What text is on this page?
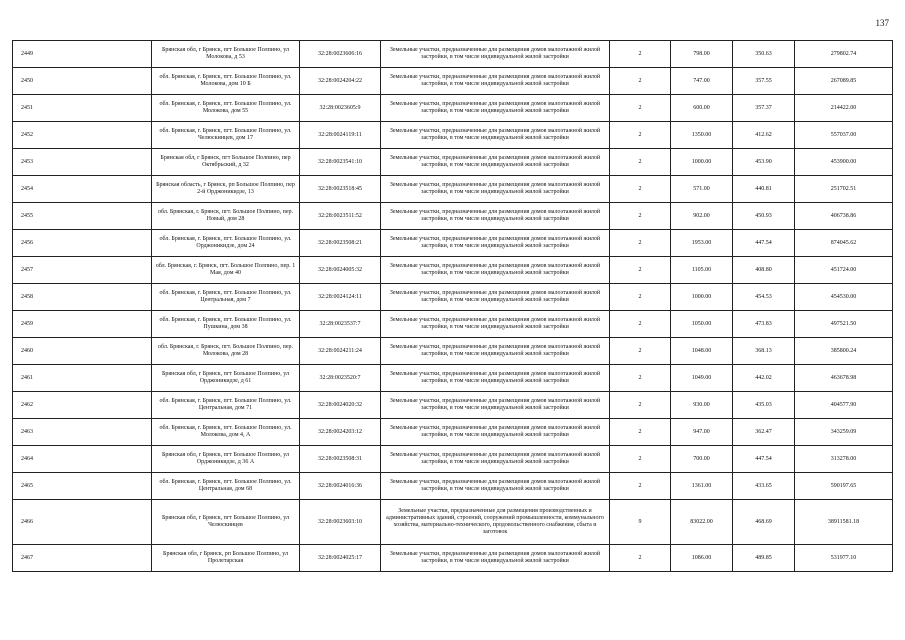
137
2449	Брянская обл, г Брянск, пгт Большое Полпино, ул Молокова, д 53	32:28:0023606:16	Земельные участки, предназначенные для размещения домов малоэтажной жилой застройки, в том числе индивидуальной жилой застройки	2	798.00	350.63	279802.74
2450	обл. Брянская, г. Брянск, пгт. Большое Полпино, ул. Молокова, дом 10 Б	32:28:0024204:22	Земельные участки, предназначенные для размещения домов малоэтажной жилой застройки, в том числе индивидуальной жилой застройки	2	747.00	357.55	267089.85
2451	обл. Брянская, г. Брянск, пгт. Большое Полпино, ул. Молокова, дом 55	32:28:0023605:9	Земельные участки, предназначенные для размещения домов малоэтажной жилой застройки, в том числе индивидуальной жилой застройки	2	600.00	357.37	214422.00
2452	обл. Брянская, г. Брянск, пгт. Большое Полпино, ул. Челюскинцев, дом 17	32:28:0024119:11	Земельные участки, предназначенные для размещения домов малоэтажной жилой застройки, в том числе индивидуальной жилой застройки	2	1350.00	412.62	557037.00
2453	Брянская обл, г Брянск, пгт Большое Полпино, пер Октябрьский, д 32	32:28:0023541:10	Земельные участки, предназначенные для размещения домов малоэтажной жилой застройки, в том числе индивидуальной жилой застройки	2	1000.00	453.90	453900.00
2454	Брянская область, г Брянск, рп Большое Полпино, пер 2-й Орджоникидзе, 13	32:28:0023518:45	Земельные участки, предназначенные для размещения домов малоэтажной жилой застройки, в том числе индивидуальной жилой застройки	2	571.00	440.81	251702.51
2455	обл. Брянская, г. Брянск, пгт. Большое Полпино, пер. Новый, дом 28	32:28:0023511:52	Земельные участки, предназначенные для размещения домов малоэтажной жилой застройки, в том числе индивидуальной жилой застройки	2	902.00	450.93	406738.86
2456	обл. Брянская, г. Брянск, пгт. Большое Полпино, ул. Орджоникидзе, дом 24	32:28:0023508:21	Земельные участки, предназначенные для размещения домов малоэтажной жилой застройки, в том числе индивидуальной жилой застройки	2	1953.00	447.54	874045.62
2457	обл. Брянская, г. Брянск, пгт. Большое Полпино, пер. 1 Мая, дом 40	32:28:0024005:32	Земельные участки, предназначенные для размещения домов малоэтажной жилой застройки, в том числе индивидуальной жилой застройки	2	1105.00	408.80	451724.00
2458	обл. Брянская, г. Брянск, пгт. Большое Полпино, ул. Центральная, дом 7	32:28:0024124:11	Земельные участки, предназначенные для размещения домов малоэтажной жилой застройки, в том числе индивидуальной жилой застройки	2	1000.00	454.53	454530.00
2459	обл. Брянская, г. Брянск, пгт. Большое Полпино, ул. Пушкина, дом 38	32:28:0023537:7	Земельные участки, предназначенные для размещения домов малоэтажной жилой застройки, в том числе индивидуальной жилой застройки	2	1050.00	473.83	497521.50
2460	обл. Брянская, г. Брянск, пгт. Большое Полпино, пер. Молокова, дом 28	32:28:0024211:24	Земельные участки, предназначенные для размещения домов малоэтажной жилой застройки, в том числе индивидуальной жилой застройки	2	1048.00	368.13	385800.24
2461	Брянская обл, г Брянск, пгт Большое Полпино, ул Орджоникидзе, д 61	32:28:0023520:7	Земельные участки, предназначенные для размещения домов малоэтажной жилой застройки, в том числе индивидуальной жилой застройки	2	1049.00	442.02	463678.98
2462	обл. Брянская, г. Брянск, пгт. Большое Полпино, ул. Центральная, дом 71	32:28:0024020:32	Земельные участки, предназначенные для размещения домов малоэтажной жилой застройки, в том числе индивидуальной жилой застройки	2	930.00	435.03	404577.90
2463	обл. Брянская, г. Брянск, пгт. Большое Полпино, ул. Молокова, дом 4, А	32:28:0024203:12	Земельные участки, предназначенные для размещения домов малоэтажной жилой застройки, в том числе индивидуальной жилой застройки	2	947.00	362.47	343259.09
2464	Брянская обл, г Брянск, пгт Большое Полпино, ул Орджоникидзе, д 36 А	32:28:0023508:31	Земельные участки, предназначенные для размещения домов малоэтажной жилой застройки, в том числе индивидуальной жилой застройки	2	700.00	447.54	313278.00
2465	обл. Брянская, г. Брянск, пгт. Большое Полпино, ул. Центральная, дом 68	32:28:0024016:36	Земельные участки, предназначенные для размещения домов малоэтажной жилой застройки, в том числе индивидуальной жилой застройки	2	1361.00	433.65	590197.65
2466	Брянская обл, г Брянск, пгт Большое Полпино, ул Челюскинцев	32:28:0023603:10	Земельные участки, предназначенные для размещения производственных и административных зданий, строений, сооружений промышленности, коммунального хозяйства, материально-технического, продовольственного снабжения, сбыта и заготовок	9	83022.00	468.69	38911581.18
2467	Брянская обл, г Брянск, рп Большое Полпино, ул Пролетарская	32:28:0024025:17	Земельные участки, предназначенные для размещения домов малоэтажной жилой застройки, в том числе индивидуальной жилой застройки	2	1086.00	489.85	531977.10
